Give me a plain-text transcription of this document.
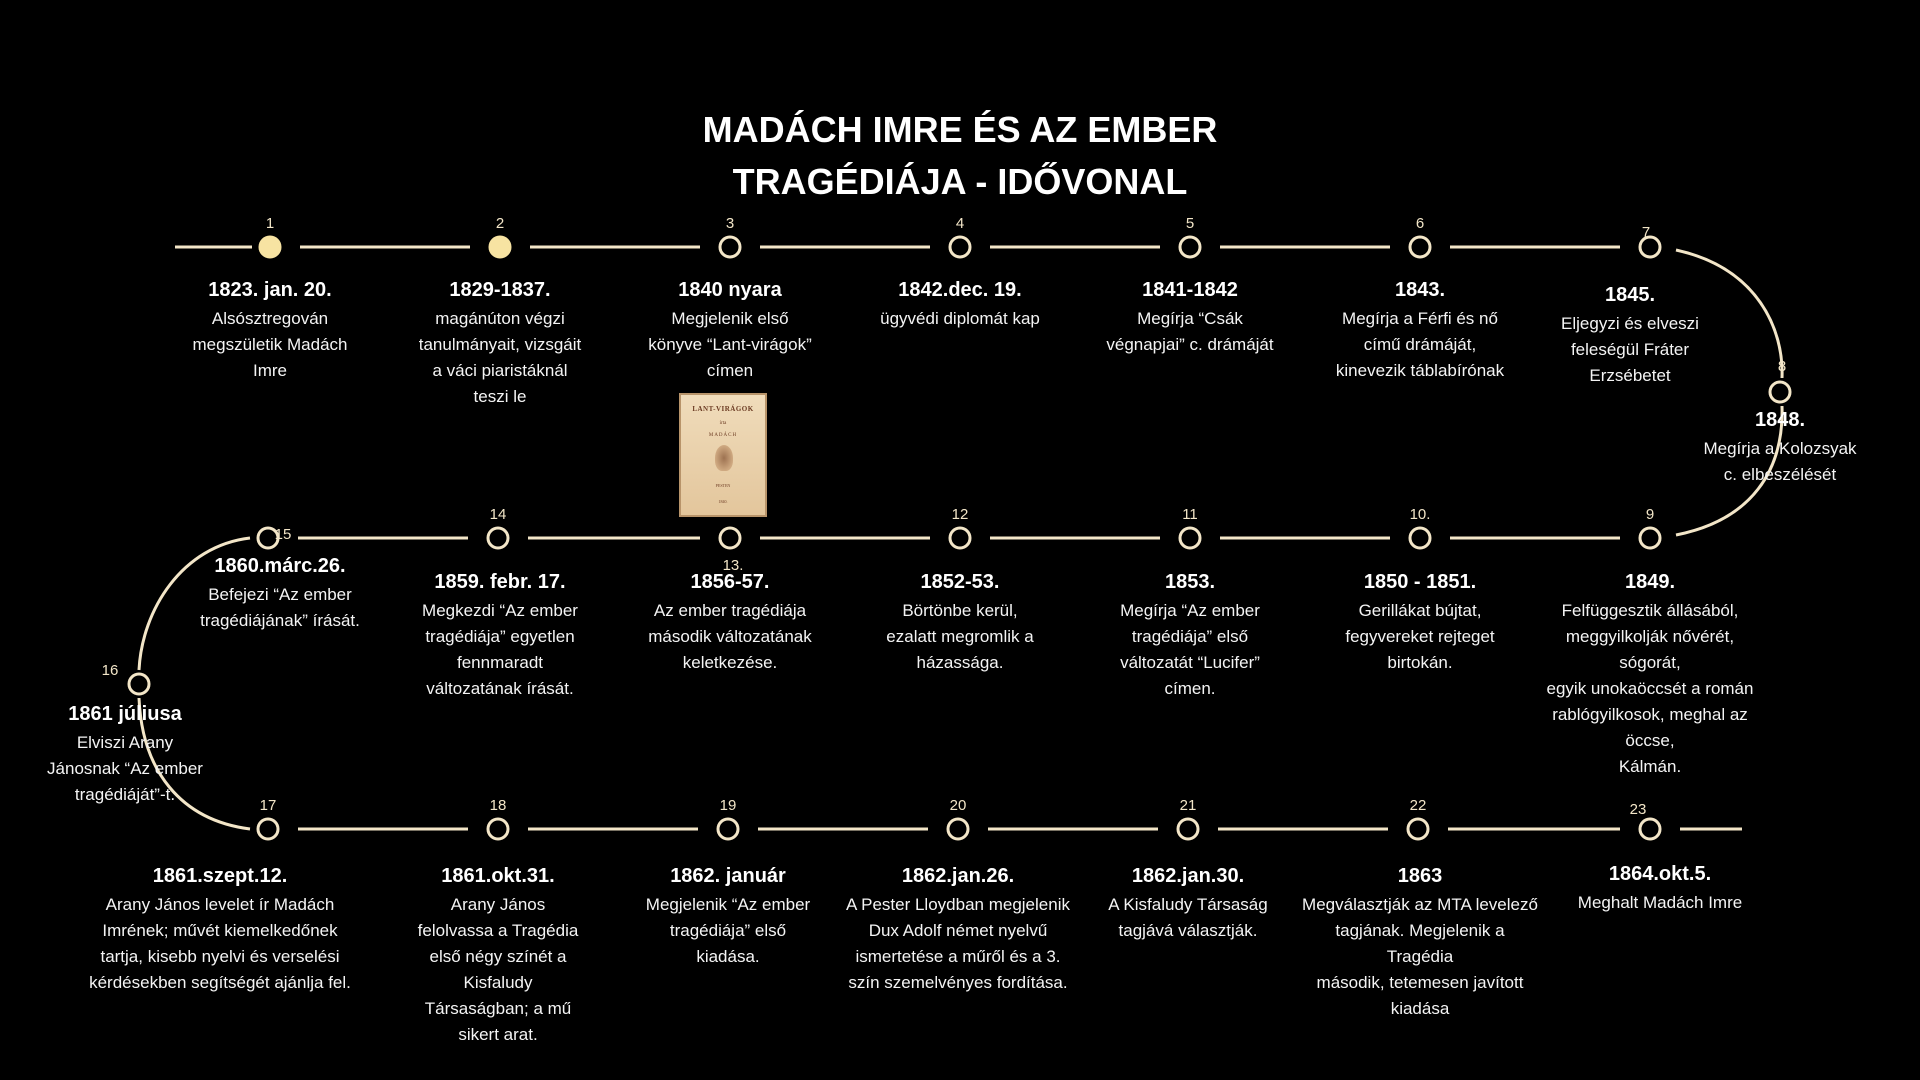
MADÁCH IMRE ÉS AZ EMBER
TRAGÉDIÁJA - IDŐVONAL
1
1823. jan. 20.
Alsósztregován
megszületik Madách
Imre
2
1829-1837.
magánúton végzi
tanulmányait, vizsgáit
a váci piaristáknál
teszi le
3
1840 nyara
Megjelenik első
könyve “Lant-virágok”
címen
4
1842.dec. 19.
ügyvédi diplomát kap
5
1841-1842
Megírja “Csák
végnapjai” c. drámáját
6
1843.
Megírja a Férfi és nő
című drámáját,
kinevezik táblabírónak
7
1845.
Eljegyzi és elveszi
feleségül Fráter
Erzsébetet	8
1848.
Megírja a Kolozsyak
c. elbeszélését
9
1849.
Felfüggesztik állásából,
meggyilkolják nővérét, sógorát,
egyik unokaöccsét a román
rablógyilkosok, meghal az öccse,
Kálmán.
10.
1850 - 1851.
Gerillákat bújtat,
fegyvereket rejteget
birtokán.
11
1853.
Megírja “Az ember
tragédiája” első
változatát “Lucifer”
címen.
12
1852-53.
Börtönbe kerül,
ezalatt megromlik a
házassága.
13.
1856-57.
Az ember tragédiája
második változatának
keletkezése.
14
1859. febr. 17.
Megkezdi “Az ember
tragédiája” egyetlen
fennmaradt
változatának írását.
15
1860.márc.26.
Befejezi “Az ember
tragédiájának” írását.
16
1861 júliusa
Elviszi Arany
Jánosnak “Az ember
tragédiáját”-t.
17
1861.szept.12.
Arany János levelet ír Madách
Imrének; művét kiemelkedőnek
tartja, kisebb nyelvi és verselési
kérdésekben segítségét ajánlja fel.
18
1861.okt.31.
Arany János
felolvassa a Tragédia
első négy színét a
Kisfaludy
Társaságban; a mű
sikert arat.
19
1862. január
Megjelenik “Az ember
tragédiája” első
kiadása.
20
1862.jan.26.
A Pester Lloydban megjelenik
Dux Adolf német nyelvű
ismertetése a műről és a 3.
szín szemelvényes fordítása.
21
1862.jan.30.
A Kisfaludy Társaság
tagjává választják.
22
1863
Megválasztják az MTA levelező
tagjának. Megjelenik a Tragédia
második, tetemesen javított
kiadása
23
1864.okt.5.
Meghalt Madách Imre
LANT-VIRÁGOK
írta
MADÁCH
PESTEN
1840.
